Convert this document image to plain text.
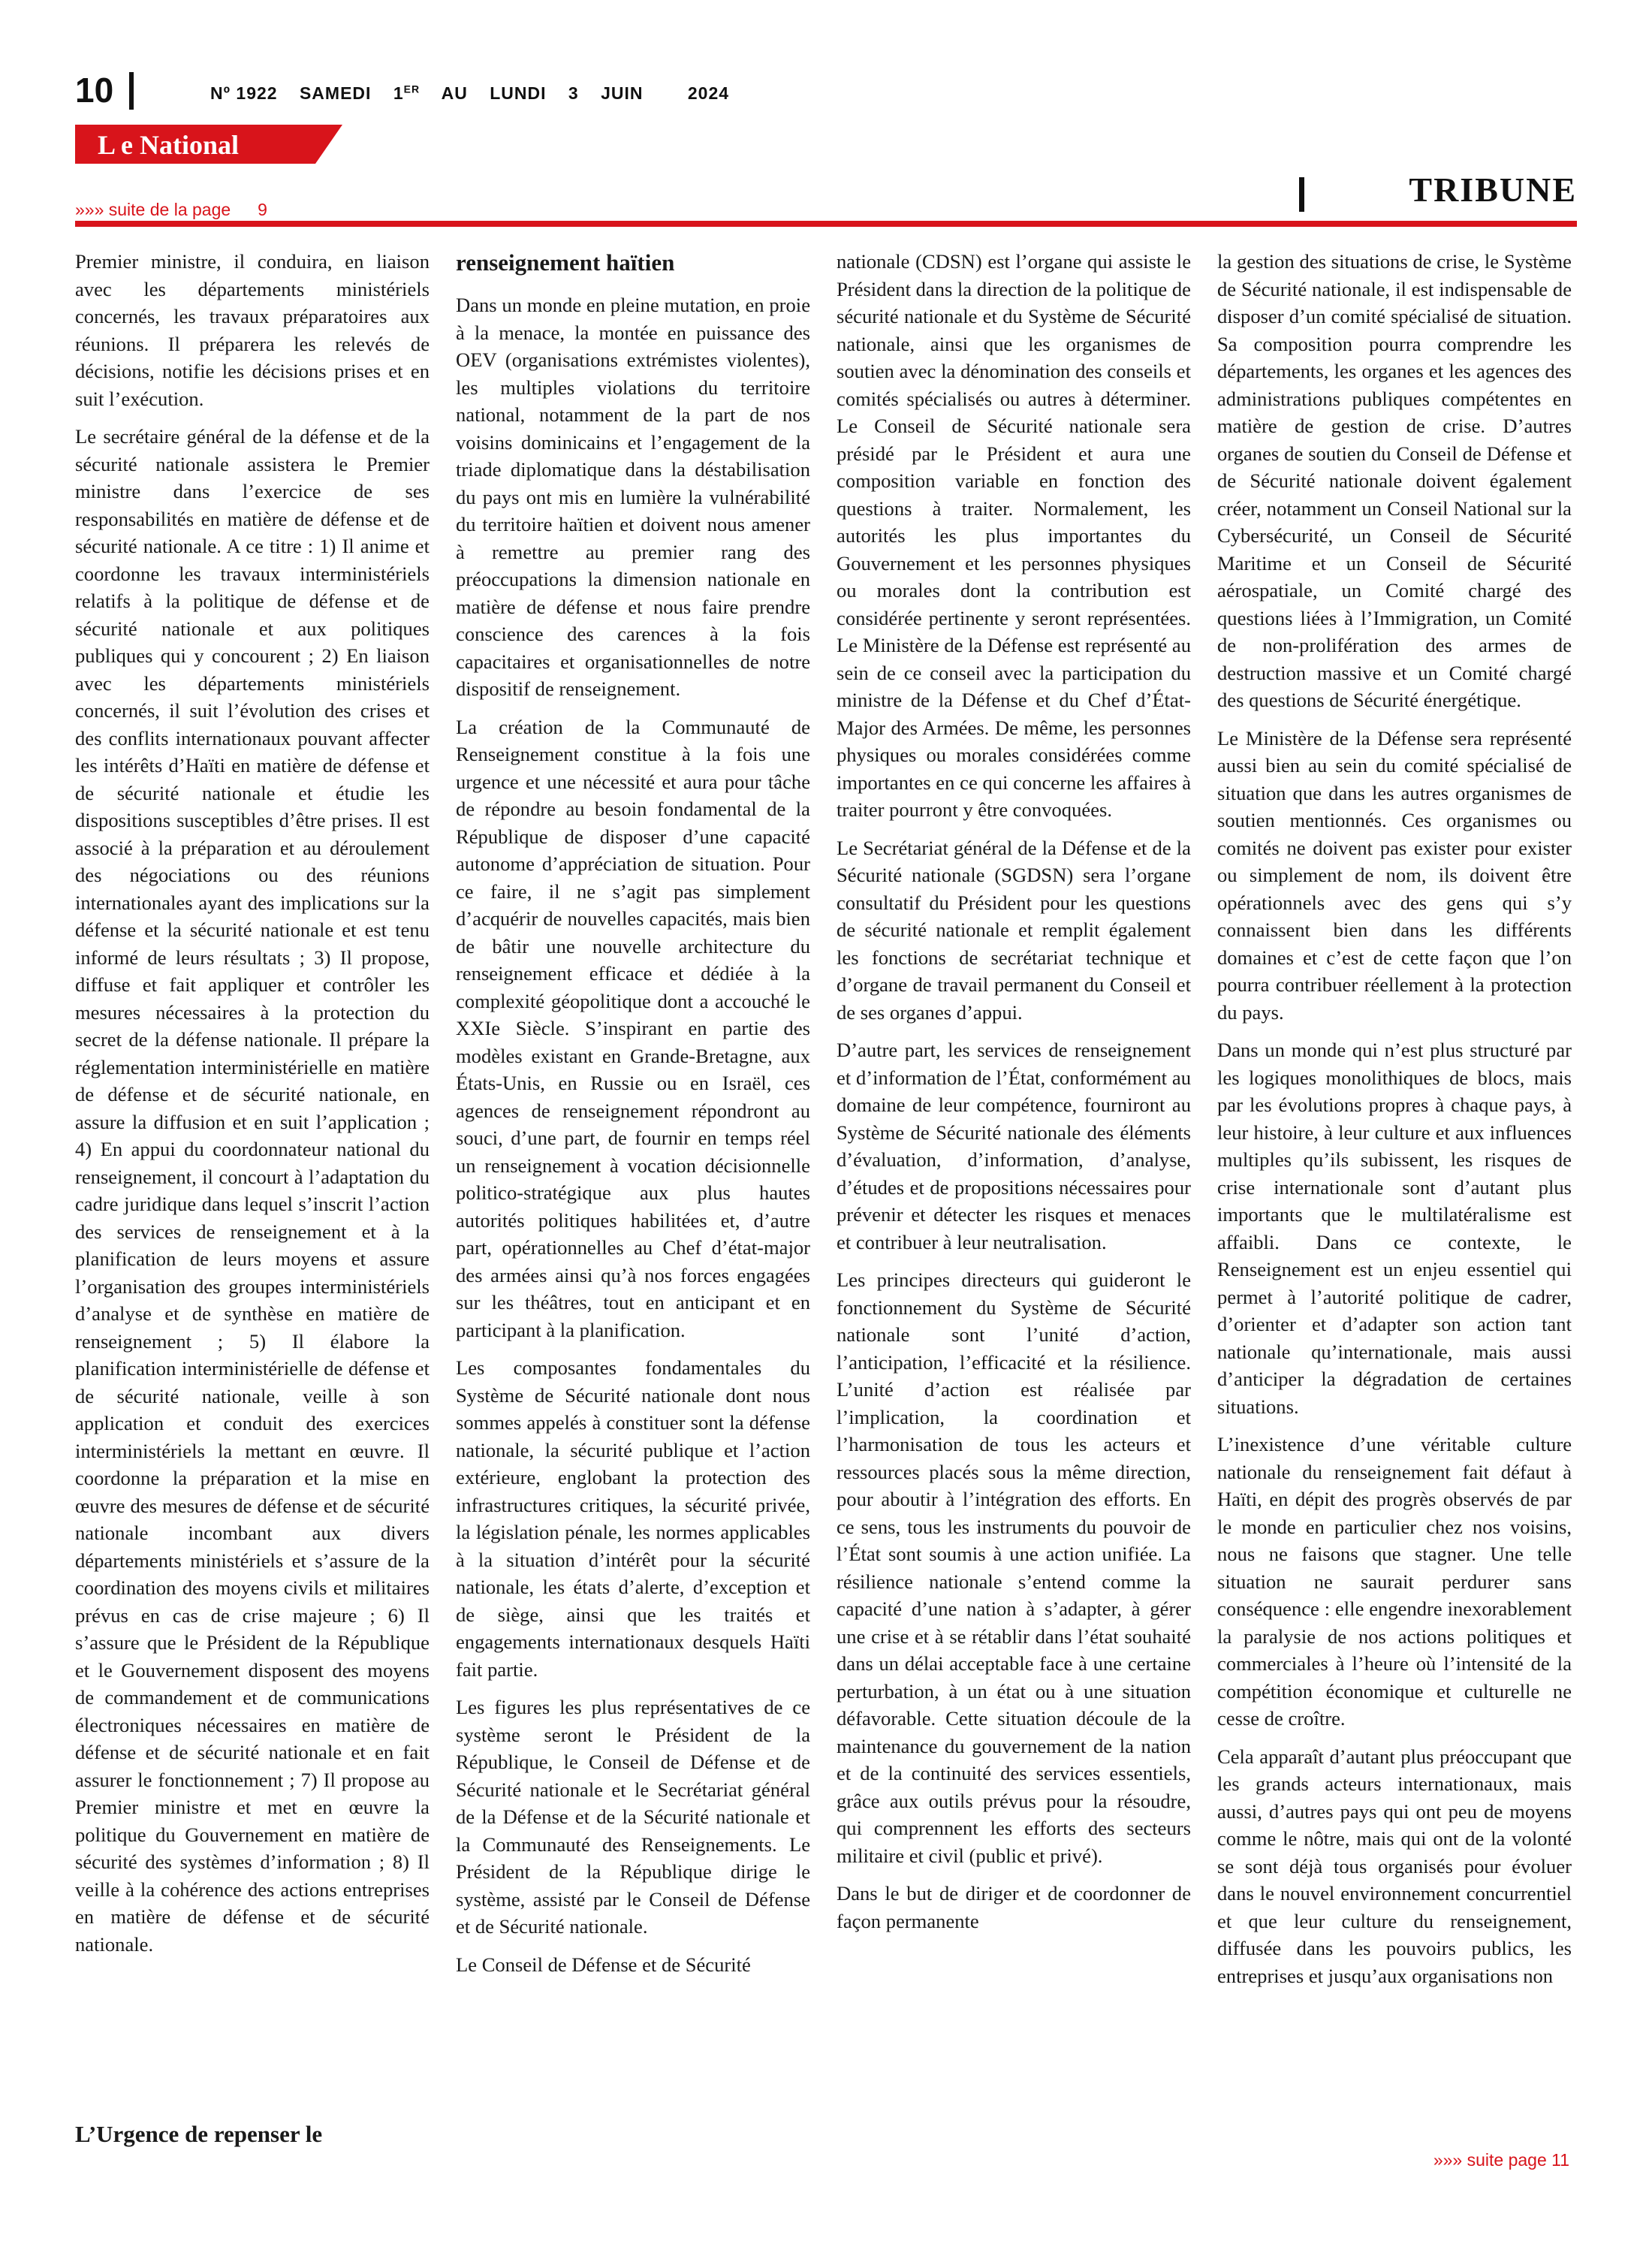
10	Nº 1922 SAMEDI 1ER AU LUNDI 3 JUIN	2024
L e National
TRIBUNE
»»» suite de la page 9

Premier ministre, il conduira, en liaison avec les départements ministériels concernés, les travaux préparatoires aux réunions. Il préparera les relevés de décisions, notifie les décisions prises et en suit l’exécution.

Le secrétaire général de la défense et de la sécurité nationale assistera le Premier ministre dans l’exercice de ses responsabilités en matière de défense et de sécurité nationale. A ce titre : 1) Il anime et coordonne les travaux interministériels relatifs à la politique de défense et de sécurité nationale et aux politiques publiques qui y concourent ; 2) En liaison avec les départements ministériels concernés, il suit l’évolution des crises et des conflits internationaux pouvant affecter les intérêts d’Haïti en matière de défense et de sécurité nationale et étudie les dispositions susceptibles d’être prises. Il est associé à la préparation et au déroulement des négociations ou des réunions internationales ayant des implications sur la défense et la sécurité nationale et est tenu informé de leurs résultats ; 3) Il propose, diffuse et fait appliquer et contrôler les mesures nécessaires à la protection du secret de la défense nationale. Il prépare la réglementation interministérielle en matière de défense et de sécurité nationale, en assure la diffusion et en suit l’application ; 4) En appui du coordonnateur national du renseignement, il concourt à l’adaptation du cadre juridique dans lequel s’inscrit l’action des services de renseignement et à la planification de leurs moyens et assure l’organisation des groupes interministériels d’analyse et de synthèse en matière de renseignement ; 5) Il élabore la planification interministérielle de défense et de sécurité nationale, veille à son application et conduit des exercices interministériels la mettant en œuvre. Il coordonne la préparation et la mise en œuvre des mesures de défense et de sécurité nationale incombant aux divers départements ministériels et s’assure de la coordination des moyens civils et militaires prévus en cas de crise majeure ; 6) Il s’assure que le Président de la République et le Gouvernement disposent des moyens de commandement et de communications électroniques nécessaires en matière de défense et de sécurité nationale et en fait assurer le fonctionnement ; 7) Il propose au Premier ministre et met en œuvre la politique du Gouvernement en matière de sécurité des systèmes d’information ; 8) Il veille à la cohérence des actions entreprises en matière de défense et de sécurité nationale.

L’Urgence de repenser le

renseignement haïtien

Dans un monde en pleine mutation, en proie à la menace, la montée en puissance des OEV (organisations extrémistes violentes), les multiples violations du territoire national, notamment de la part de nos voisins dominicains et l’engagement de la triade diplomatique dans la déstabilisation du pays ont mis en lumière la vulnérabilité du territoire haïtien et doivent nous amener à remettre au premier rang des préoccupations la dimension nationale en matière de défense et nous faire prendre conscience des carences à la fois capacitaires et organisationnelles de notre dispositif de renseignement.

La création de la Communauté de Renseignement constitue à la fois une urgence et une nécessité et aura pour tâche de répondre au besoin fondamental de la République de disposer d’une capacité autonome d’appréciation de situation. Pour ce faire, il ne s’agit pas simplement d’acquérir de nouvelles capacités, mais bien de bâtir une nouvelle architecture du renseignement efficace et dédiée à la complexité géopolitique dont a accouché le XXIe Siècle. S’inspirant en partie des modèles existant en Grande-Bretagne, aux États-Unis, en Russie ou en Israël, ces agences de renseignement répondront au souci, d’une part, de fournir en temps réel un renseignement à vocation décisionnelle politico-stratégique aux plus hautes autorités politiques habilitées et, d’autre part, opérationnelles au Chef d’état-major des armées ainsi qu’à nos forces engagées sur les théâtres, tout en anticipant et en participant à la planification.

Les composantes fondamentales du Système de Sécurité nationale dont nous sommes appelés à constituer sont la défense nationale, la sécurité publique et l’action extérieure, englobant la protection des infrastructures critiques, la sécurité privée, la législation pénale, les normes applicables à la situation d’intérêt pour la sécurité nationale, les états d’alerte, d’exception et de siège, ainsi que les traités et engagements internationaux desquels Haïti fait partie.

Les figures les plus représentatives de ce système seront le Président de la République, le Conseil de Défense et de Sécurité nationale et le Secrétariat général de la Défense et de la Sécurité nationale et la Communauté des Renseignements. Le Président de la République dirige le système, assisté par le Conseil de Défense et de Sécurité nationale.

Le Conseil de Défense et de Sécurité

nationale (CDSN) est l’organe qui assiste le Président dans la direction de la politique de sécurité nationale et du Système de Sécurité nationale, ainsi que les organismes de soutien avec la dénomination des conseils et comités spécialisés ou autres à déterminer. Le Conseil de Sécurité nationale sera présidé par le Président et aura une composition variable en fonction des questions à traiter. Normalement, les autorités les plus importantes du Gouvernement et les personnes physiques ou morales dont la contribution est considérée pertinente y seront représentées. Le Ministère de la Défense est représenté au sein de ce conseil avec la participation du ministre de la Défense et du Chef d’État-Major des Armées. De même, les personnes physiques ou morales considérées comme importantes en ce qui concerne les affaires à traiter pourront y être convoquées.

Le Secrétariat général de la Défense et de la Sécurité nationale (SGDSN) sera l’organe consultatif du Président pour les questions de sécurité nationale et remplit également les fonctions de secrétariat technique et d’organe de travail permanent du Conseil et de ses organes d’appui.

D’autre part, les services de renseignement et d’information de l’État, conformément au domaine de leur compétence, fourniront au Système de Sécurité nationale des éléments d’évaluation, d’information, d’analyse, d’études et de propositions nécessaires pour prévenir et détecter les risques et menaces et contribuer à leur neutralisation.

Les principes directeurs qui guideront le fonctionnement du Système de Sécurité nationale sont l’unité d’action, l’anticipation, l’efficacité et la résilience. L’unité d’action est réalisée par l’implication, la coordination et l’harmonisation de tous les acteurs et ressources placés sous la même direction, pour aboutir à l’intégration des efforts. En ce sens, tous les instruments du pouvoir de l’État sont soumis à une action unifiée. La résilience nationale s’entend comme la capacité d’une nation à s’adapter, à gérer une crise et à se rétablir dans l’état souhaité dans un délai acceptable face à une certaine perturbation, à un état ou à une situation défavorable. Cette situation découle de la maintenance du gouvernement de la nation et de la continuité des services essentiels, grâce aux outils prévus pour la résoudre, qui comprennent les efforts des secteurs militaire et civil (public et privé).

Dans le but de diriger et de coordonner de façon permanente

la gestion des situations de crise, le Système de Sécurité nationale, il est indispensable de disposer d’un comité spécialisé de situation. Sa composition pourra comprendre les départements, les organes et les agences des administrations publiques compétentes en matière de gestion de crise. D’autres organes de soutien du Conseil de Défense et de Sécurité nationale doivent également créer, notamment un Conseil National sur la Cybersécurité, un Conseil de Sécurité Maritime et un Conseil de Sécurité aérospatiale, un Comité chargé des questions liées à l’Immigration, un Comité de non-prolifération des armes de destruction massive et un Comité chargé des questions de Sécurité énergétique.

Le Ministère de la Défense sera représenté aussi bien au sein du comité spécialisé de situation que dans les autres organismes de soutien mentionnés. Ces organismes ou comités ne doivent pas exister pour exister ou simplement de nom, ils doivent être opérationnels avec des gens qui s’y connaissent bien dans les différents domaines et c’est de cette façon que l’on pourra contribuer réellement à la protection du pays.

Dans un monde qui n’est plus structuré par les logiques monolithiques de blocs, mais par les évolutions propres à chaque pays, à leur histoire, à leur culture et aux influences multiples qu’ils subissent, les risques de crise internationale sont d’autant plus importants que le multilatéralisme est affaibli. Dans ce contexte, le Renseignement est un enjeu essentiel qui permet à l’autorité politique de cadrer, d’orienter et d’adapter son action tant nationale qu’internationale, mais aussi d’anticiper la dégradation de certaines situations.

L’inexistence d’une véritable culture nationale du renseignement fait défaut à Haïti, en dépit des progrès observés de par le monde en particulier chez nos voisins, nous ne faisons que stagner. Une telle situation ne saurait perdurer sans conséquence : elle engendre inexorablement la paralysie de nos actions politiques et commerciales à l’heure où l’intensité de la compétition économique et culturelle ne cesse de croître.

Cela apparaît d’autant plus préoccupant que les grands acteurs internationaux, mais aussi, d’autres pays qui ont peu de moyens comme le nôtre, mais qui ont de la volonté se sont déjà tous organisés pour évoluer dans le nouvel environnement concurrentiel et que leur culture du renseignement, diffusée dans les pouvoirs publics, les entreprises et jusqu’aux organisations non

»»» suite page 11
